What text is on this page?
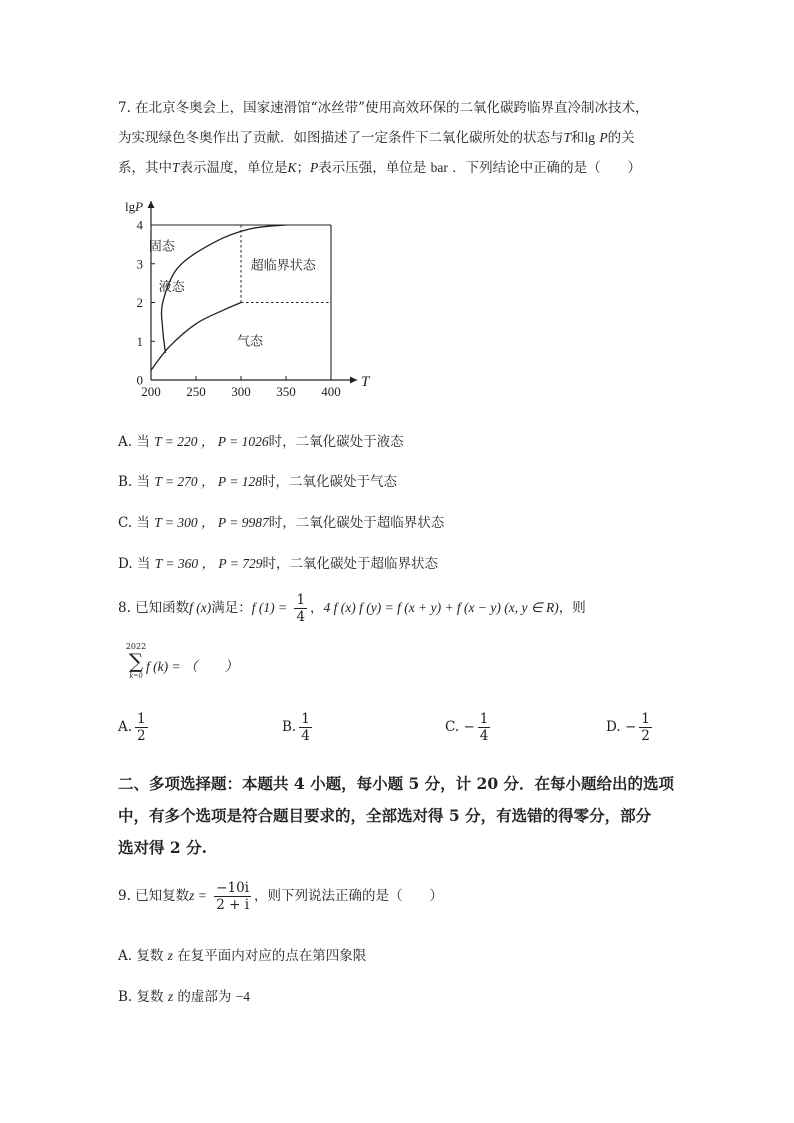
7. 在北京冬奥会上，国家速滑馆“冰丝带”使用高效环保的二氧化碳跨临界直冷制冰技术，
为实现绿色冬奥作出了贡献．如图描述了一定条件下二氧化碳所处的状态与T和lg P的关
系，其中T表示温度，单位是K；P表示压强，单位是 bar ．下列结论中正确的是（　　）
200 250 300 350 400
0
1
2
3
4
T
lgP
固态
液态
超临界状态
气态
A. 当 T = 220 ， P = 1026时，二氧化碳处于液态
B. 当 T = 270 ， P = 128时，二氧化碳处于气态
C. 当 T = 300 ， P = 9987时，二氧化碳处于超临界状态
D. 当 T = 360 ， P = 729时，二氧化碳处于超临界状态
8. 已知函数f (x)满足：f $(1) = \frac{1}{4}$ ，4 f (x) f (y) = f (x + y) + f (x − y) (x, y ∈ R)，则
2022
∑
k=0
f (k) = （　　）
A. $\frac{1}{2}$	B. $\frac{1}{4}$	C. − $\frac{1}{4}$	D. − $\frac{1}{2}$
二、多项选择题：本题共 4 小题，每小题 5 分，计 20 分．在每小题给出的选项
中，有多个选项是符合题目要求的，全部选对得 5 分，有选错的得零分，部分
选对得 2 分.
9. 已知复数$z = \frac{-10i}{2 + i}$ ，则下列说法正确的是（　　）
A. 复数 z 在复平面内对应的点在第四象限
B. 复数 z 的虚部为 −4
